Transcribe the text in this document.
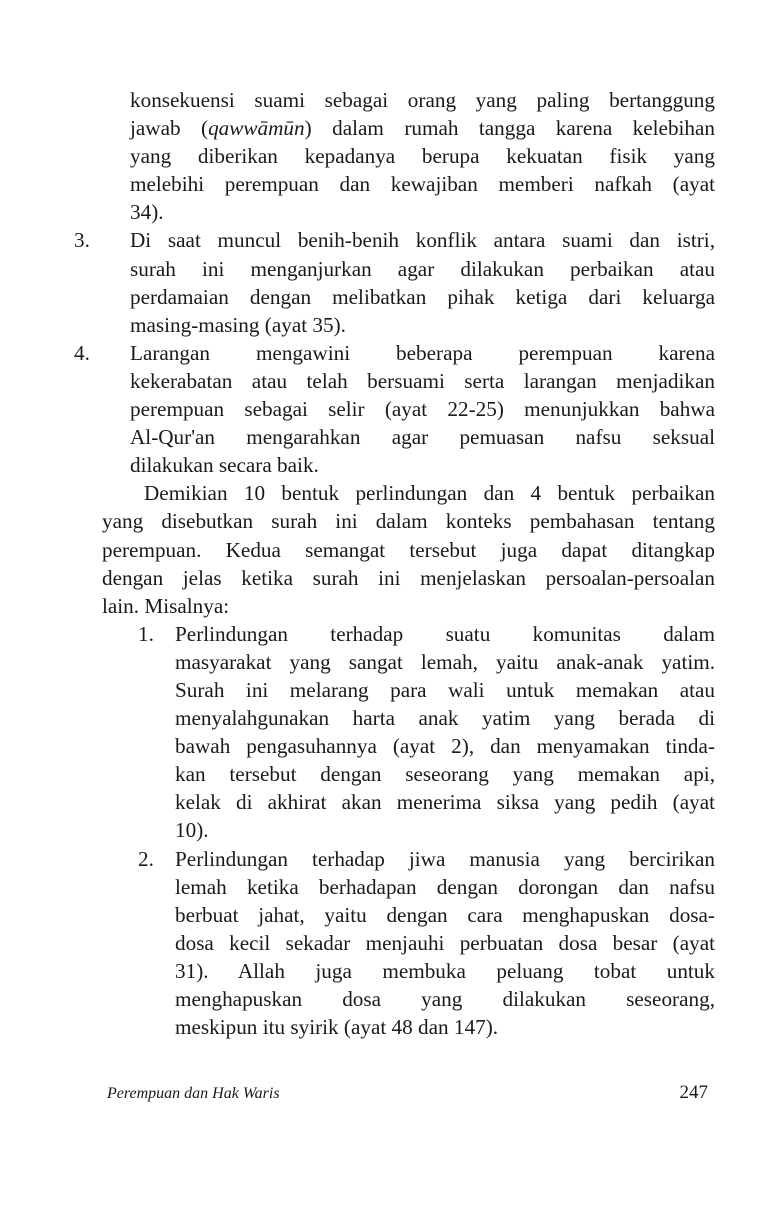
konsekuensi suami sebagai orang yang paling bertanggung
jawab (qawwāmūn) dalam rumah tangga karena kelebihan
yang diberikan kepadanya berupa kekuatan fisik yang
melebihi perempuan dan kewajiban memberi nafkah (ayat
34).
3. Di saat muncul benih-benih konflik antara suami dan istri,
surah ini menganjurkan agar dilakukan perbaikan atau
perdamaian dengan melibatkan pihak ketiga dari keluarga
masing-masing (ayat 35).
4. Larangan mengawini beberapa perempuan karena
kekerabatan atau telah bersuami serta larangan menjadikan
perempuan sebagai selir (ayat 22-25) menunjukkan bahwa
Al-Qur'an mengarahkan agar pemuasan nafsu seksual
dilakukan secara baik.
Demikian 10 bentuk perlindungan dan 4 bentuk perbaikan
yang disebutkan surah ini dalam konteks pembahasan tentang
perempuan. Kedua semangat tersebut juga dapat ditangkap
dengan jelas ketika surah ini menjelaskan persoalan-persoalan
lain. Misalnya:
1. Perlindungan terhadap suatu komunitas dalam
masyarakat yang sangat lemah, yaitu anak-anak yatim.
Surah ini melarang para wali untuk memakan atau
menyalahgunakan harta anak yatim yang berada di
bawah pengasuhannya (ayat 2), dan menyamakan tinda-
kan tersebut dengan seseorang yang memakan api,
kelak di akhirat akan menerima siksa yang pedih (ayat
10).
2. Perlindungan terhadap jiwa manusia yang bercirikan
lemah ketika berhadapan dengan dorongan dan nafsu
berbuat jahat, yaitu dengan cara menghapuskan dosa-
dosa kecil sekadar menjauhi perbuatan dosa besar (ayat
31). Allah juga membuka peluang tobat untuk
menghapuskan dosa yang dilakukan seseorang,
meskipun itu syirik (ayat 48 dan 147).
Perempuan dan Hak Waris	247
